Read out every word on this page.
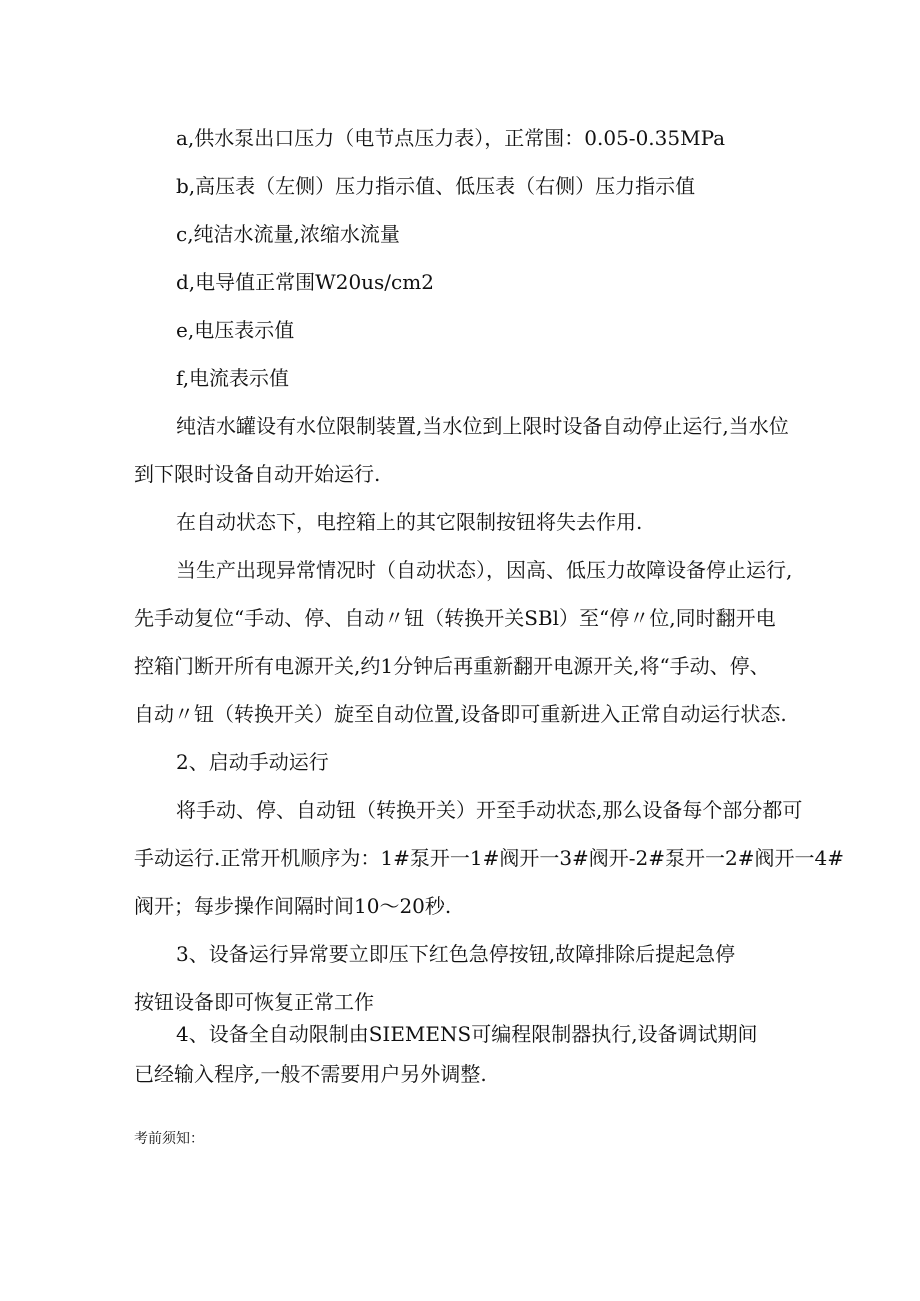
a,供水泵出口压力（电节点压力表），正常围：0.05-0.35MPa
b,高压表（左侧）压力指示值、低压表（右侧）压力指示值
c,纯洁水流量,浓缩水流量
d,电导值正常围W20us∕cm2
e,电压表示值
f,电流表示值
纯洁水罐设有水位限制装置,当水位到上限时设备自动停止运行,当水位
到下限时设备自动开始运行.
在自动状态下，电控箱上的其它限制按钮将失去作用.
当生产出现异常情况时（自动状态），因高、低压力故障设备停止运行,
先手动复位“手动、停、自动〃钮（转换开关SBl）至“停〃位,同时翻开电
控箱门断开所有电源开关,约1分钟后再重新翻开电源开关,将“手动、停、
自动〃钮（转换开关）旋至自动位置,设备即可重新进入正常自动运行状态.
2、启动手动运行
将手动、停、自动钮（转换开关）开至手动状态,那么设备每个部分都可
手动运行.正常开机顺序为：1#泵开一1#阀开一3#阀开-2#泵开一2#阀开一4#
阀开；每步操作间隔时间10～20秒.
3、设备运行异常要立即压下红色急停按钮,故障排除后提起急停
按钮设备即可恢复正常工作
4、设备全自动限制由SIEMENS可编程限制器执行,设备调试期间
已经输入程序,一般不需要用户另外调整.
考前须知：
